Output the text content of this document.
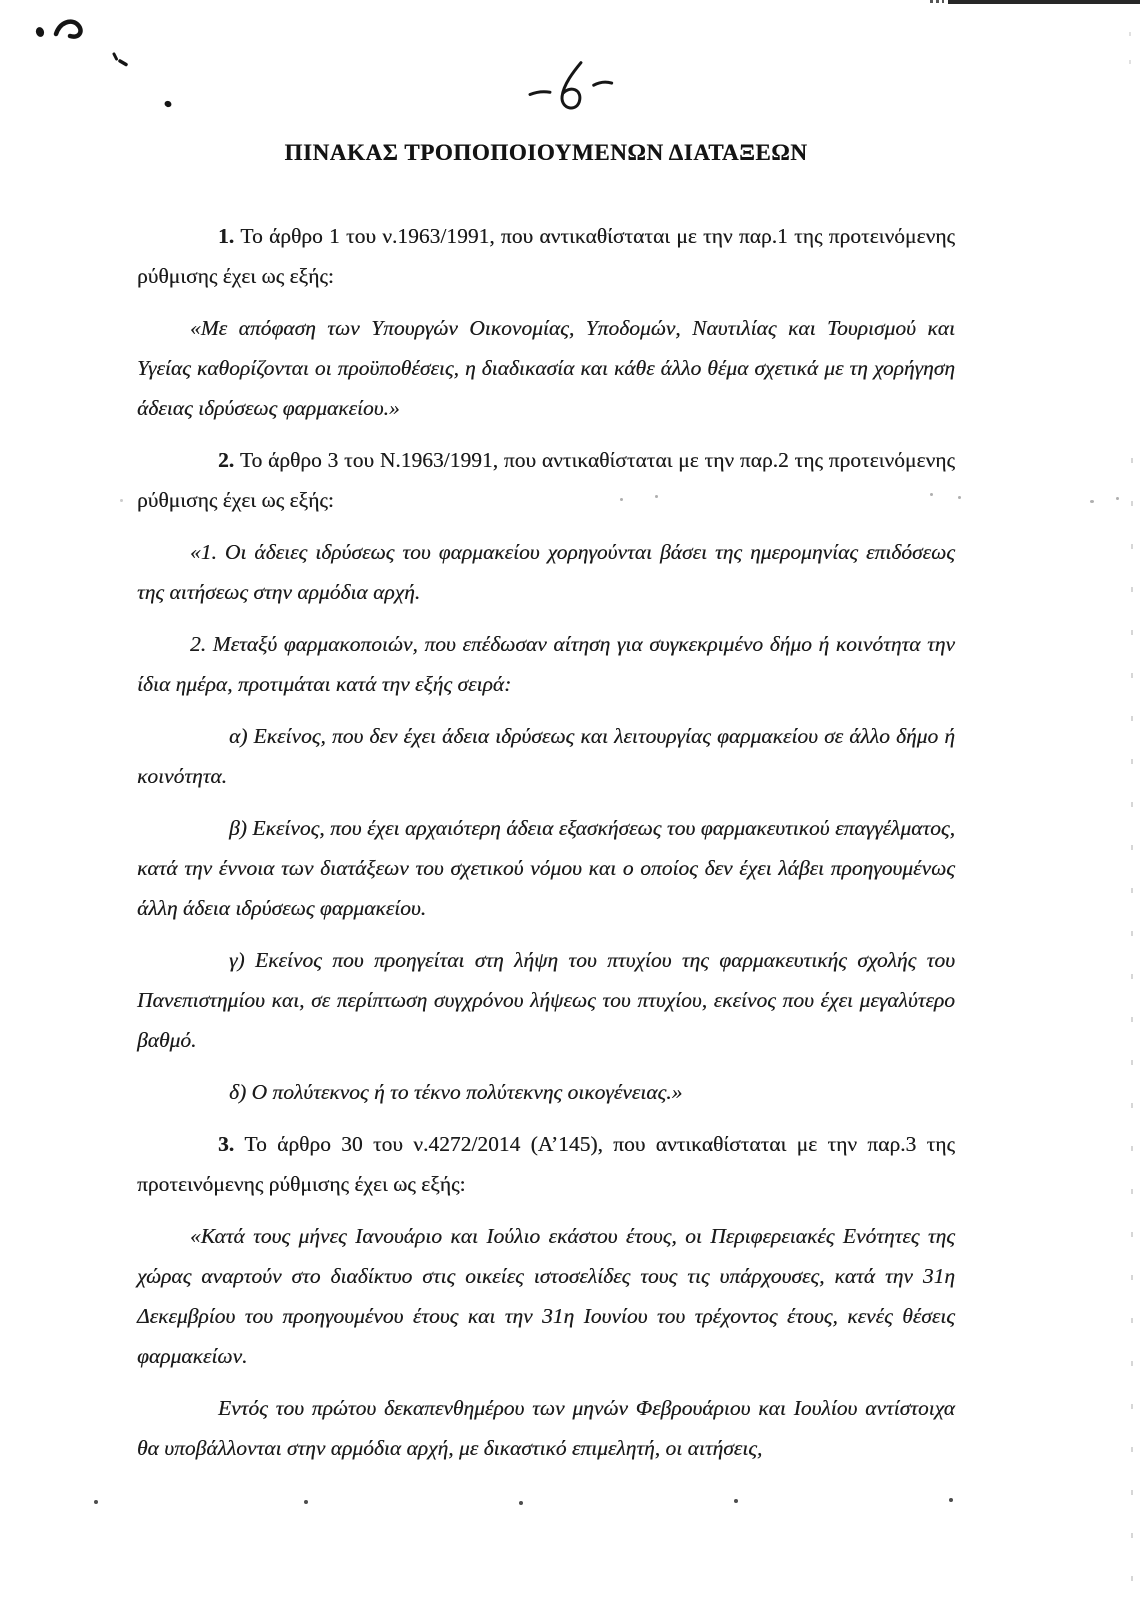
ΠΙΝΑΚΑΣ ΤΡΟΠΟΠΟΙΟΥΜΕΝΩΝ ΔΙΑΤΑΞΕΩΝ

1. Το άρθρο 1 του ν.1963/1991, που αντικαθίσταται με την παρ.1 της προτεινόμενης ρύθμισης έχει ως εξής:

«Με απόφαση των Υπουργών Οικονομίας, Υποδομών, Ναυτιλίας και Τουρισμού και Υγείας καθορίζονται οι προϋποθέσεις, η διαδικασία και κάθε άλλο θέμα σχετικά με τη χορήγηση άδειας ιδρύσεως φαρμακείου.»

2. Το άρθρο 3 του Ν.1963/1991, που αντικαθίσταται με την παρ.2 της προτεινόμενης ρύθμισης έχει ως εξής:

«1. Οι άδειες ιδρύσεως του φαρμακείου χορηγούνται βάσει της ημερομηνίας επιδόσεως της αιτήσεως στην αρμόδια αρχή.

2. Μεταξύ φαρμακοποιών, που επέδωσαν αίτηση για συγκεκριμένο δήμο ή κοινότητα την ίδια ημέρα, προτιμάται κατά την εξής σειρά:

α) Εκείνος, που δεν έχει άδεια ιδρύσεως και λειτουργίας φαρμακείου σε άλλο δήμο ή κοινότητα.

β) Εκείνος, που έχει αρχαιότερη άδεια εξασκήσεως του φαρμακευτικού επαγγέλματος, κατά την έννοια των διατάξεων του σχετικού νόμου και ο οποίος δεν έχει λάβει προηγουμένως άλλη άδεια ιδρύσεως φαρμακείου.

γ) Εκείνος που προηγείται στη λήψη του πτυχίου της φαρμακευτικής σχολής του Πανεπιστημίου και, σε περίπτωση συγχρόνου λήψεως του πτυχίου, εκείνος που έχει μεγαλύτερο βαθμό.

δ) Ο πολύτεκνος ή το τέκνο πολύτεκνης οικογένειας.»

3. Το άρθρο 30 του ν.4272/2014 (Α’145), που αντικαθίσταται με την παρ.3 της προτεινόμενης ρύθμισης έχει ως εξής:

«Κατά τους μήνες Ιανουάριο και Ιούλιο εκάστου έτους, οι Περιφερειακές Ενότητες της χώρας αναρτούν στο διαδίκτυο στις οικείες ιστοσελίδες τους τις υπάρχουσες, κατά την 31η Δεκεμβρίου του προηγουμένου έτους και την 31η Ιουνίου του τρέχοντος έτους, κενές θέσεις φαρμακείων.

Εντός του πρώτου δεκαπενθημέρου των μηνών Φεβρουάριου και Ιουλίου αντίστοιχα θα υποβάλλονται στην αρμόδια αρχή, με δικαστικό επιμελητή, οι αιτήσεις,
